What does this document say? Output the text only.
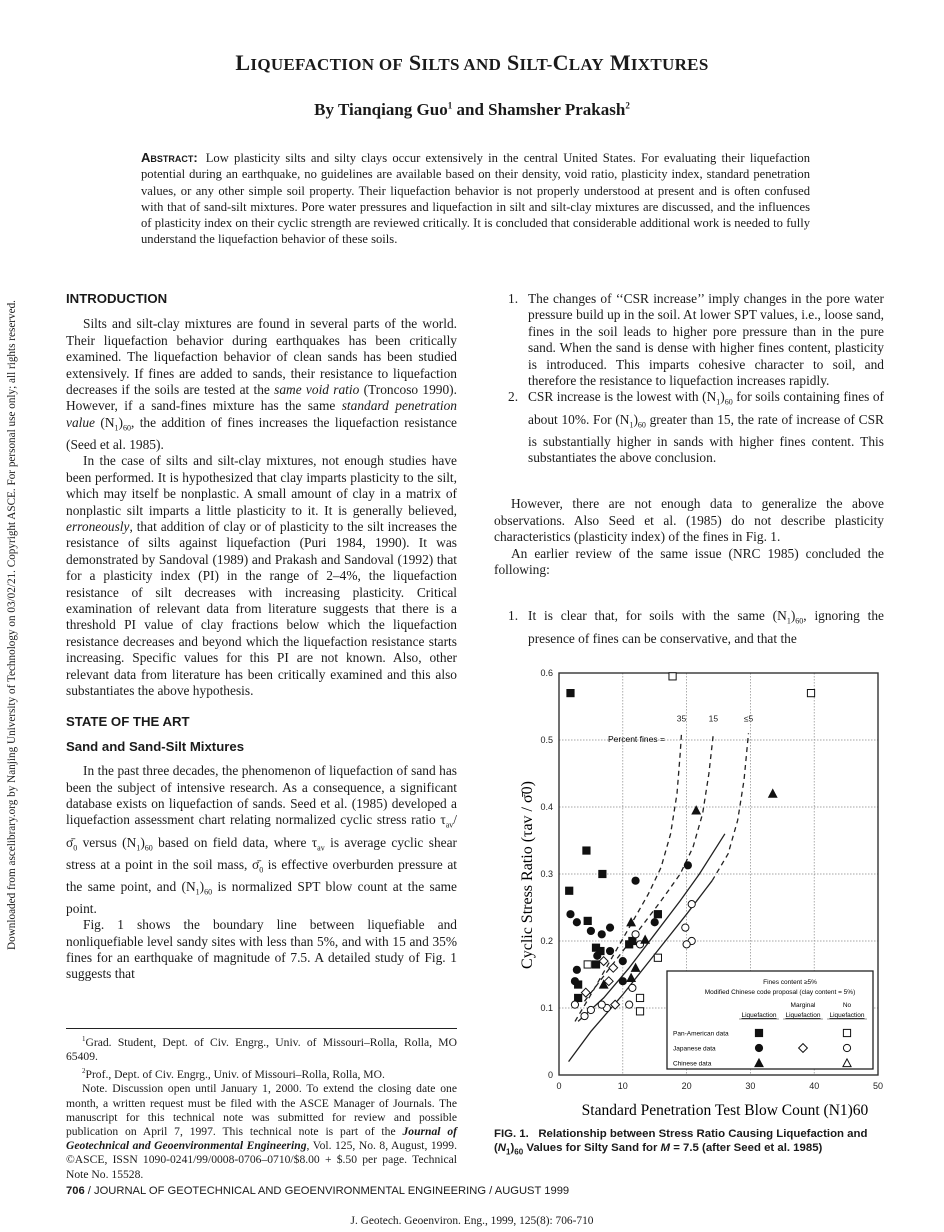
LIQUEFACTION OF SILTS AND SILT-CLAY MIXTURES
By Tianqiang Guo$^1$ and Shamsher Prakash$^2$
Abstract: Low plasticity silts and silty clays occur extensively in the central United States. For evaluating their liquefaction potential during an earthquake, no guidelines are available based on their density, void ratio, plasticity index, standard penetration values, or any other simple soil property. Their liquefaction behavior is not properly understood at present and is often confused with that of sand-silt mixtures. Pore water pressures and liquefaction in silt and silt-clay mixtures are discussed, and the influences of plasticity index on their cyclic strength are reviewed critically. It is concluded that considerable additional work is needed to fully understand the liquefaction behavior of these soils.
Downloaded from ascelibrary.org by Nanjing University of Technology on 03/02/21. Copyright ASCE. For personal use only; all rights reserved.
INTRODUCTION

Silts and silt-clay mixtures are found in several parts of the world. Their liquefaction behavior during earthquakes has been critically examined. The liquefaction behavior of clean sands has been studied extensively. If fines are added to sands, their resistance to liquefaction decreases if the soils are tested at the same void ratio (Troncoso 1990). However, if a sand-fines mixture has the same standard penetration value $(N_1)_{60}$, the addition of fines increases the liquefaction resistance (Seed et al. 1985).

In the case of silts and silt-clay mixtures, not enough studies have been performed. It is hypothesized that clay imparts plasticity to the silt, which may itself be nonplastic. A small amount of clay in a matrix of nonplastic silt imparts a little plasticity to it. It is generally believed, erroneously, that addition of clay or of plasticity to the silt increases the resistance of silts against liquefaction (Puri 1984, 1990). It was demonstrated by Sandoval (1989) and Prakash and Sandoval (1992) that for a plasticity index (PI) in the range of 2–4%, the liquefaction resistance of silt decreases with increasing plasticity. Critical examination of relevant data from literature suggests that there is a threshold PI value of clay fractions below which the liquefaction resistance decreases and beyond which the liquefaction resistance starts increasing. Specific values for this PI are not known. Also, other relevant data from literature has been critically examined and this also substantiates the above hypothesis.

STATE OF THE ART
Sand and Sand-Silt Mixtures

In the past three decades, the phenomenon of liquefaction of sand has been the subject of intensive research. As a consequence, a significant database exists on liquefaction of sands. Seed et al. (1985) developed a liquefaction assessment chart relating normalized cyclic stress ratio $\tau_{av}/\sigmā_0$ versus $(N_1)_{60}$ based on field data, where $\tau_{av}$ is average cyclic shear stress at a point in the soil mass, $\sigmā_0$ is effective overburden pressure at the same point, and $(N_1)_{60}$ is normalized SPT blow count at the same point.

Fig. 1 shows the boundary line between liquefiable and nonliquefiable level sandy sites with less than 5%, and with 15 and 35% fines for an earthquake of magnitude of 7.5. A detailed study of Fig. 1 suggests that

$^1$Grad. Student, Dept. of Civ. Engrg., Univ. of Missouri–Rolla, Rolla, MO 65409.

$^2$Prof., Dept. of Civ. Engrg., Univ. of Missouri–Rolla, Rolla, MO.

Note. Discussion open until January 1, 2000. To extend the closing date one month, a written request must be filed with the ASCE Manager of Journals. The manuscript for this technical note was submitted for review and possible publication on April 7, 1997. This technical note is part of the Journal of Geotechnical and Geoenvironmental Engineering, Vol. 125, No. 8, August, 1999. ©ASCE, ISSN 1090-0241/99/0008-0706–0710/$8.00 + $.50 per page. Technical Note No. 15528.

1. The changes of ‘‘CSR increase’’ imply changes in the pore water pressure build up in the soil. At lower SPT values, i.e., loose sand, fines in the soil leads to higher pore pressure than in the pure sand. When the sand is dense with higher fines content, plasticity is introduced. This imparts cohesive character to soil, and therefore the resistance to liquefaction increases rapidly.
2. CSR increase is the lowest with $(N_1)_{60}$ for soils containing fines of about 10%. For $(N_1)_{60}$ greater than 15, the rate of increase of CSR is substantially higher in sands with higher fines content. This substantiates the above conclusion.

However, there are not enough data to generalize the above observations. Also Seed et al. (1985) do not describe plasticity characteristics (plasticity index) of the fines in Fig. 1.

An earlier review of the same issue (NRC 1985) concluded the following:

1. It is clear that, for soils with the same $(N_1)_{60}$, ignoring the presence of fines can be conservative, and that the
0	10	20	30	40	50
0
0.1
0.2
0.3
0.4
0.5
0.6
35	15	≤5
Fines content ≥5%
Modified Chinese code proposal (clay content = 5%)
Liquefaction
Marginal
Liquefaction
No
Liquefaction
Pan-American data
Japanese data
Chinese data
Cyclic Stress Ratio (τav / σ̄0)
Standard Penetration Test Blow Count (N1)60
Percent fines =
FIG. 1. Relationship between Stress Ratio Causing Liquefaction and $(N_1)_{60}$ Values for Silty Sand for M = 7.5 (after Seed et al. 1985)
706 / JOURNAL OF GEOTECHNICAL AND GEOENVIRONMENTAL ENGINEERING / AUGUST 1999
J. Geotech. Geoenviron. Eng., 1999, 125(8): 706-710
